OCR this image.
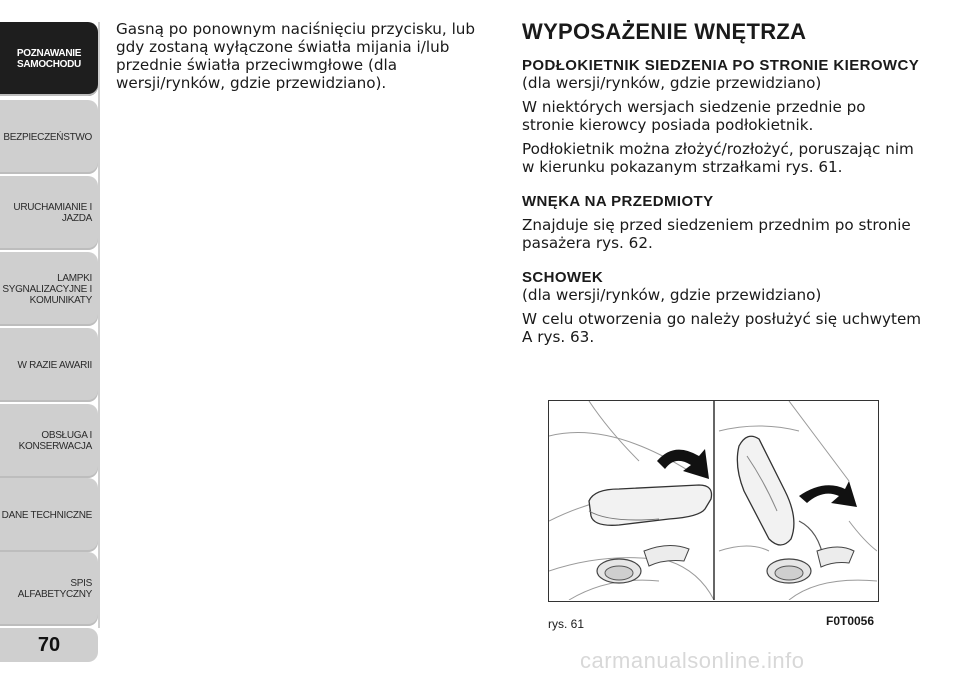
POZNAWANIE
SAMOCHODU
BEZPIECZEŃSTWO
URUCHAMIANIE I
JAZDA
LAMPKI
SYGNALIZACYJNE I
KOMUNIKATY
W RAZIE AWARII
OBSŁUGA I
KONSERWACJA
DANE TECHNICZNE
SPIS ALFABETYCZNY
70

Gasną po ponownym naciśnięciu przycisku, lub gdy zostaną wyłączone światła mijania i/lub przednie światła przeciwmgłowe (dla wersji/rynków, gdzie przewidziano).

WYPOSAŻENIE WNĘTRZA
PODŁOKIETNIK SIEDZENIA PO STRONIE KIEROWCY

(dla wersji/rynków, gdzie przewidziano)

W niektórych wersjach siedzenie przednie po stronie kierowcy posiada podłokietnik.

Podłokietnik można złożyć/rozłożyć, poruszając nim w kierunku pokazanym strzałkami rys. 61.

WNĘKA NA PRZEDMIOTY

Znajduje się przed siedzeniem przednim po stronie pasażera rys. 62.

SCHOWEK

(dla wersji/rynków, gdzie przewidziano)

W celu otworzenia go należy posłużyć się uchwytem A rys. 63.

rys. 61	F0T0056
carmanualsonline.info
